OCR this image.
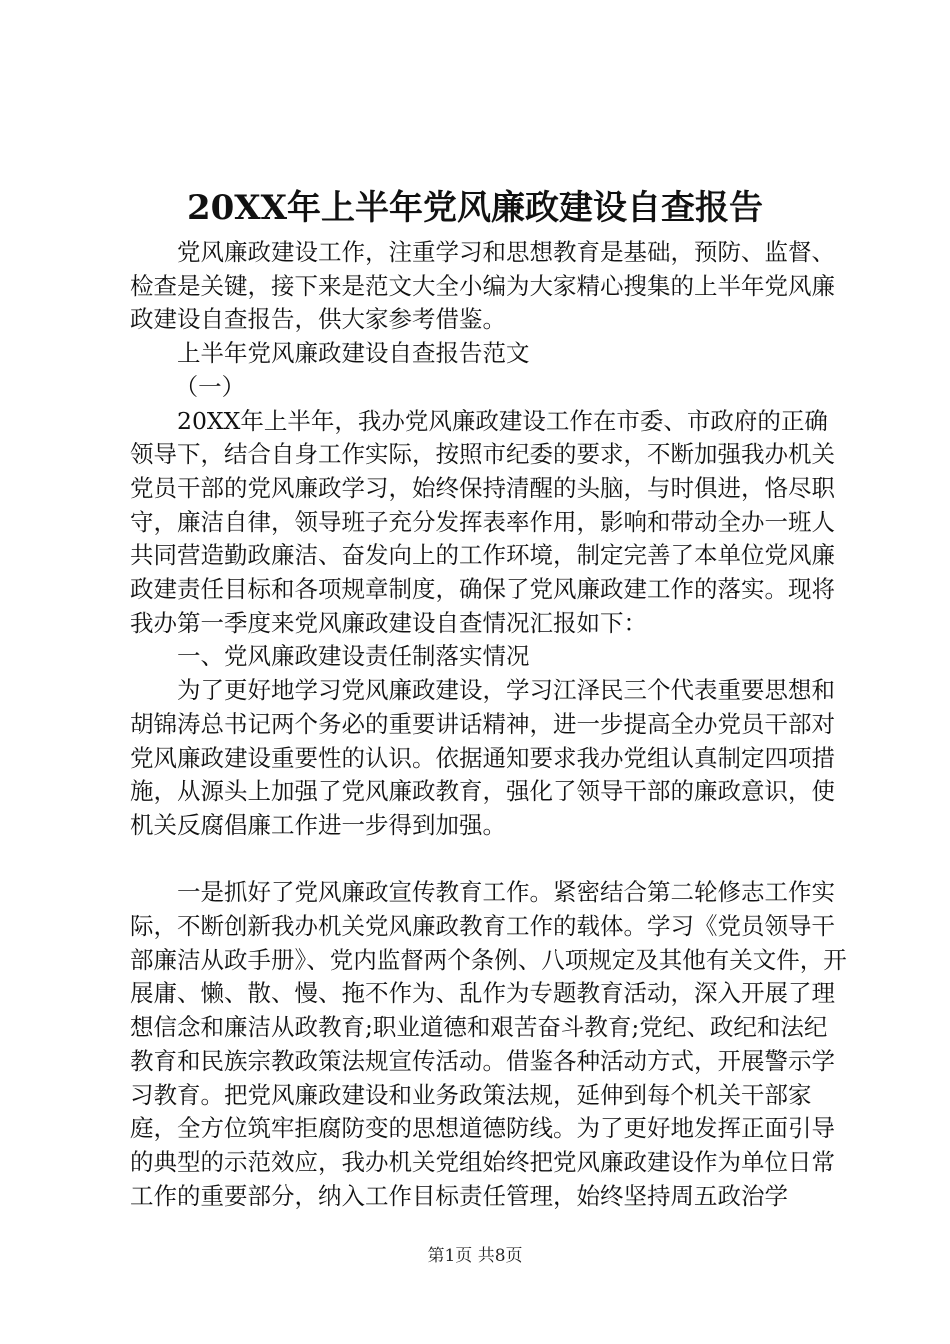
20XX年上半年党风廉政建设自查报告

党风廉政建设工作，注重学习和思想教育是基础，预防、监督、检查是关键，接下来是范文大全小编为大家精心搜集的上半年党风廉政建设自查报告，供大家参考借鉴。

上半年党风廉政建设自查报告范文

（一）

20XX年上半年，我办党风廉政建设工作在市委、市政府的正确领导下，结合自身工作实际，按照市纪委的要求，不断加强我办机关党员干部的党风廉政学习，始终保持清醒的头脑，与时俱进，恪尽职守，廉洁自律，领导班子充分发挥表率作用，影响和带动全办一班人共同营造勤政廉洁、奋发向上的工作环境，制定完善了本单位党风廉政建责任目标和各项规章制度，确保了党风廉政建工作的落实。现将我办第一季度来党风廉政建设自查情况汇报如下：

一、党风廉政建设责任制落实情况

为了更好地学习党风廉政建设，学习江泽民三个代表重要思想和胡锦涛总书记两个务必的重要讲话精神，进一步提高全办党员干部对党风廉政建设重要性的认识。依据通知要求我办党组认真制定四项措施，从源头上加强了党风廉政教育，强化了领导干部的廉政意识，使机关反腐倡廉工作进一步得到加强。

一是抓好了党风廉政宣传教育工作。紧密结合第二轮修志工作实际，不断创新我办机关党风廉政教育工作的载体。学习《党员领导干部廉洁从政手册》、党内监督两个条例、八项规定及其他有关文件，开展庸、懒、散、慢、拖不作为、乱作为专题教育活动，深入开展了理想信念和廉洁从政教育;职业道德和艰苦奋斗教育;党纪、政纪和法纪教育和民族宗教政策法规宣传活动。借鉴各种活动方式，开展警示学习教育。把党风廉政建设和业务政策法规，延伸到每个机关干部家庭，全方位筑牢拒腐防变的思想道德防线。为了更好地发挥正面引导的典型的示范效应，我办机关党组始终把党风廉政建设作为单位日常工作的重要部分，纳入工作目标责任管理，始终坚持周五政治学

第1页 共8页
